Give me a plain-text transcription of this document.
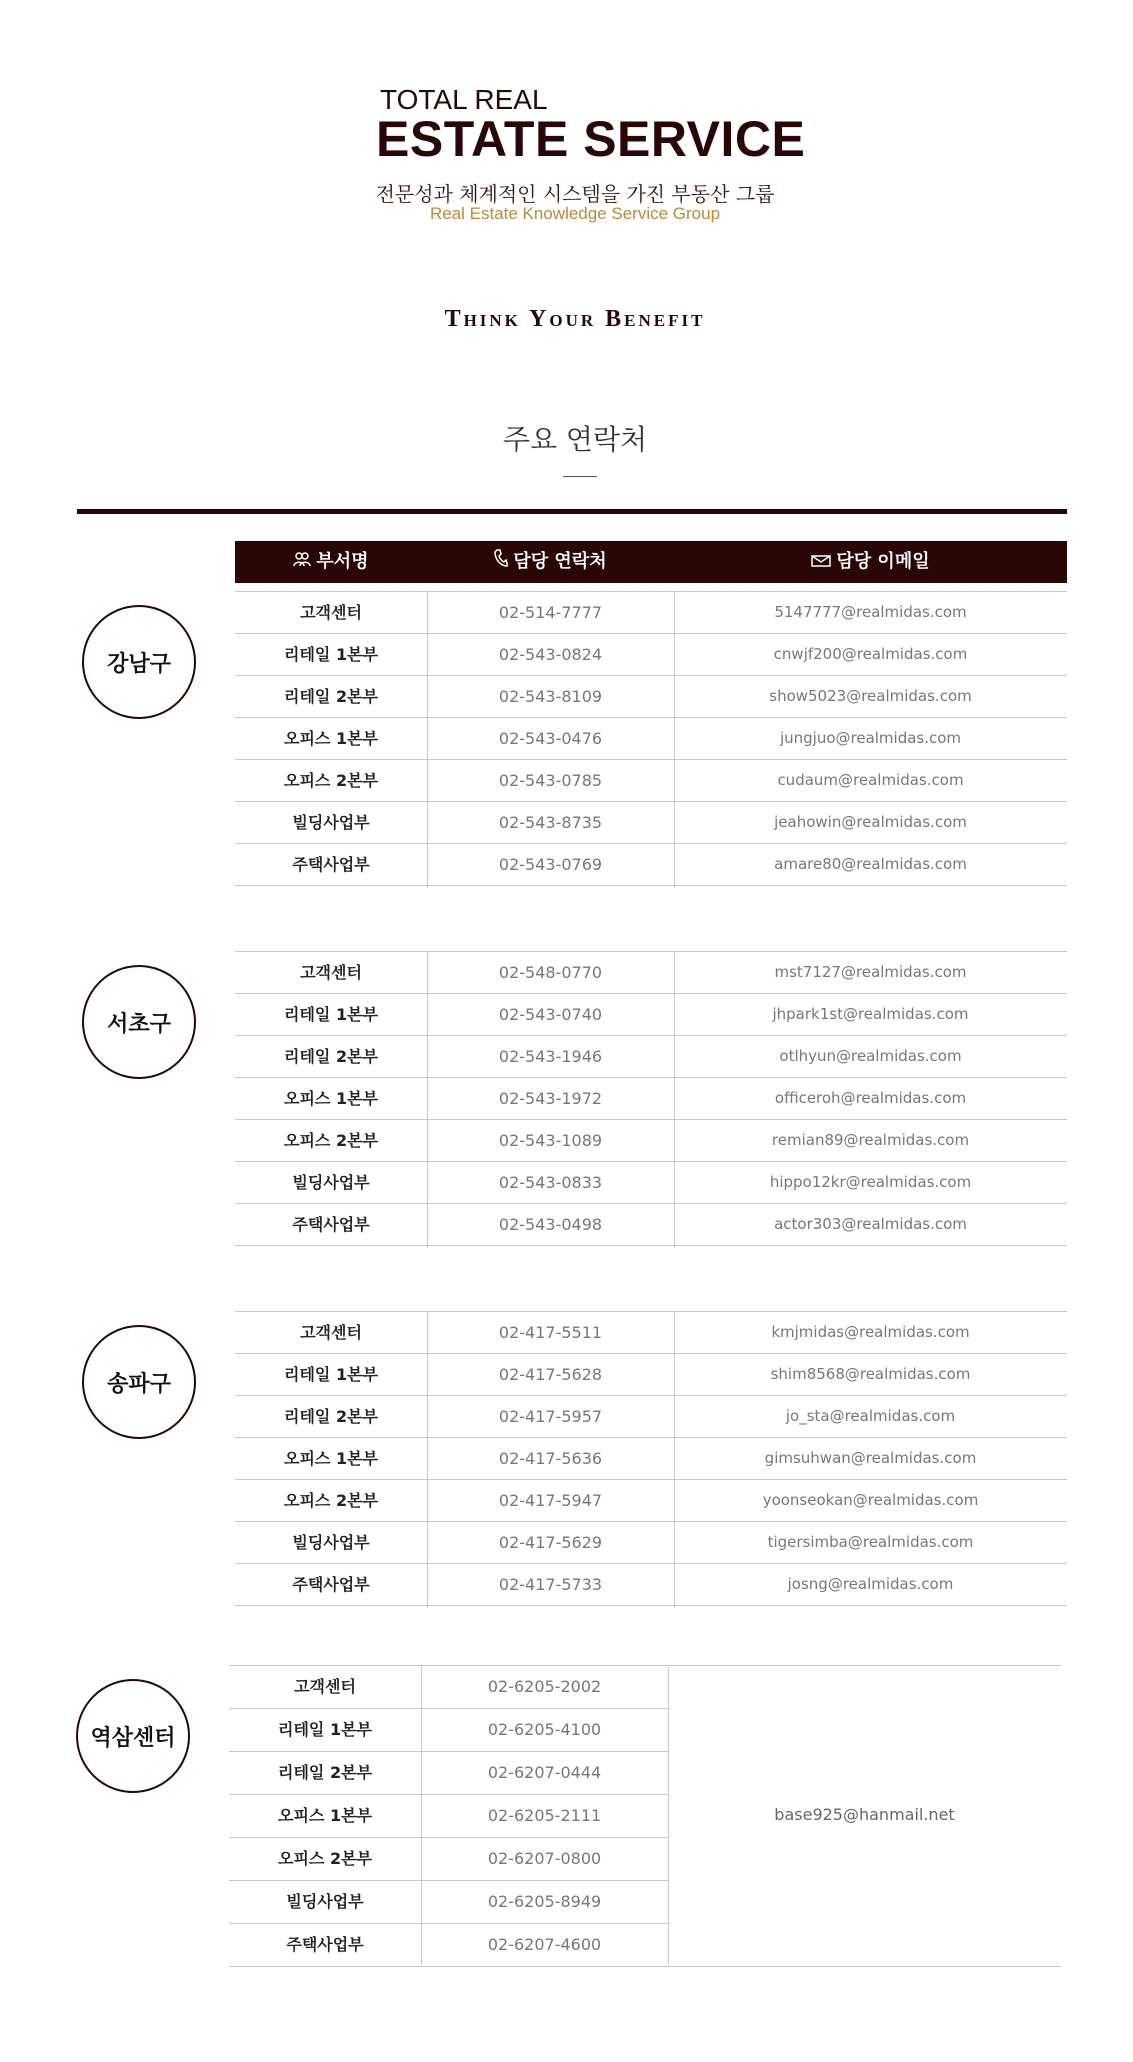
TOTAL REAL
ESTATE SERVICE
전문성과 체계적인 시스템을 가진 부동산 그룹
Real Estate Knowledge Service Group
Think Your Benefit
주요 연락처
부서명	담당 연락처	담당 이메일
강남구
고객센터	02-514-7777	5147777@realmidas.com
리테일 1본부	02-543-0824	cnwjf200@realmidas.com
리테일 2본부	02-543-8109	show5023@realmidas.com
오피스 1본부	02-543-0476	jungjuo@realmidas.com
오피스 2본부	02-543-0785	cudaum@realmidas.com
빌딩사업부	02-543-8735	jeahowin@realmidas.com
주택사업부	02-543-0769	amare80@realmidas.com
서초구
고객센터	02-548-0770	mst7127@realmidas.com
리테일 1본부	02-543-0740	jhpark1st@realmidas.com
리테일 2본부	02-543-1946	otlhyun@realmidas.com
오피스 1본부	02-543-1972	officeroh@realmidas.com
오피스 2본부	02-543-1089	remian89@realmidas.com
빌딩사업부	02-543-0833	hippo12kr@realmidas.com
주택사업부	02-543-0498	actor303@realmidas.com
송파구
고객센터	02-417-5511	kmjmidas@realmidas.com
리테일 1본부	02-417-5628	shim8568@realmidas.com
리테일 2본부	02-417-5957	jo_sta@realmidas.com
오피스 1본부	02-417-5636	gimsuhwan@realmidas.com
오피스 2본부	02-417-5947	yoonseokan@realmidas.com
빌딩사업부	02-417-5629	tigersimba@realmidas.com
주택사업부	02-417-5733	josng@realmidas.com
역삼센터
고객센터	02-6205-2002
리테일 1본부	02-6205-4100
리테일 2본부	02-6207-0444
오피스 1본부	02-6205-2111
오피스 2본부	02-6207-0800
빌딩사업부	02-6205-8949
주택사업부	02-6207-4600
base925@hanmail.net
